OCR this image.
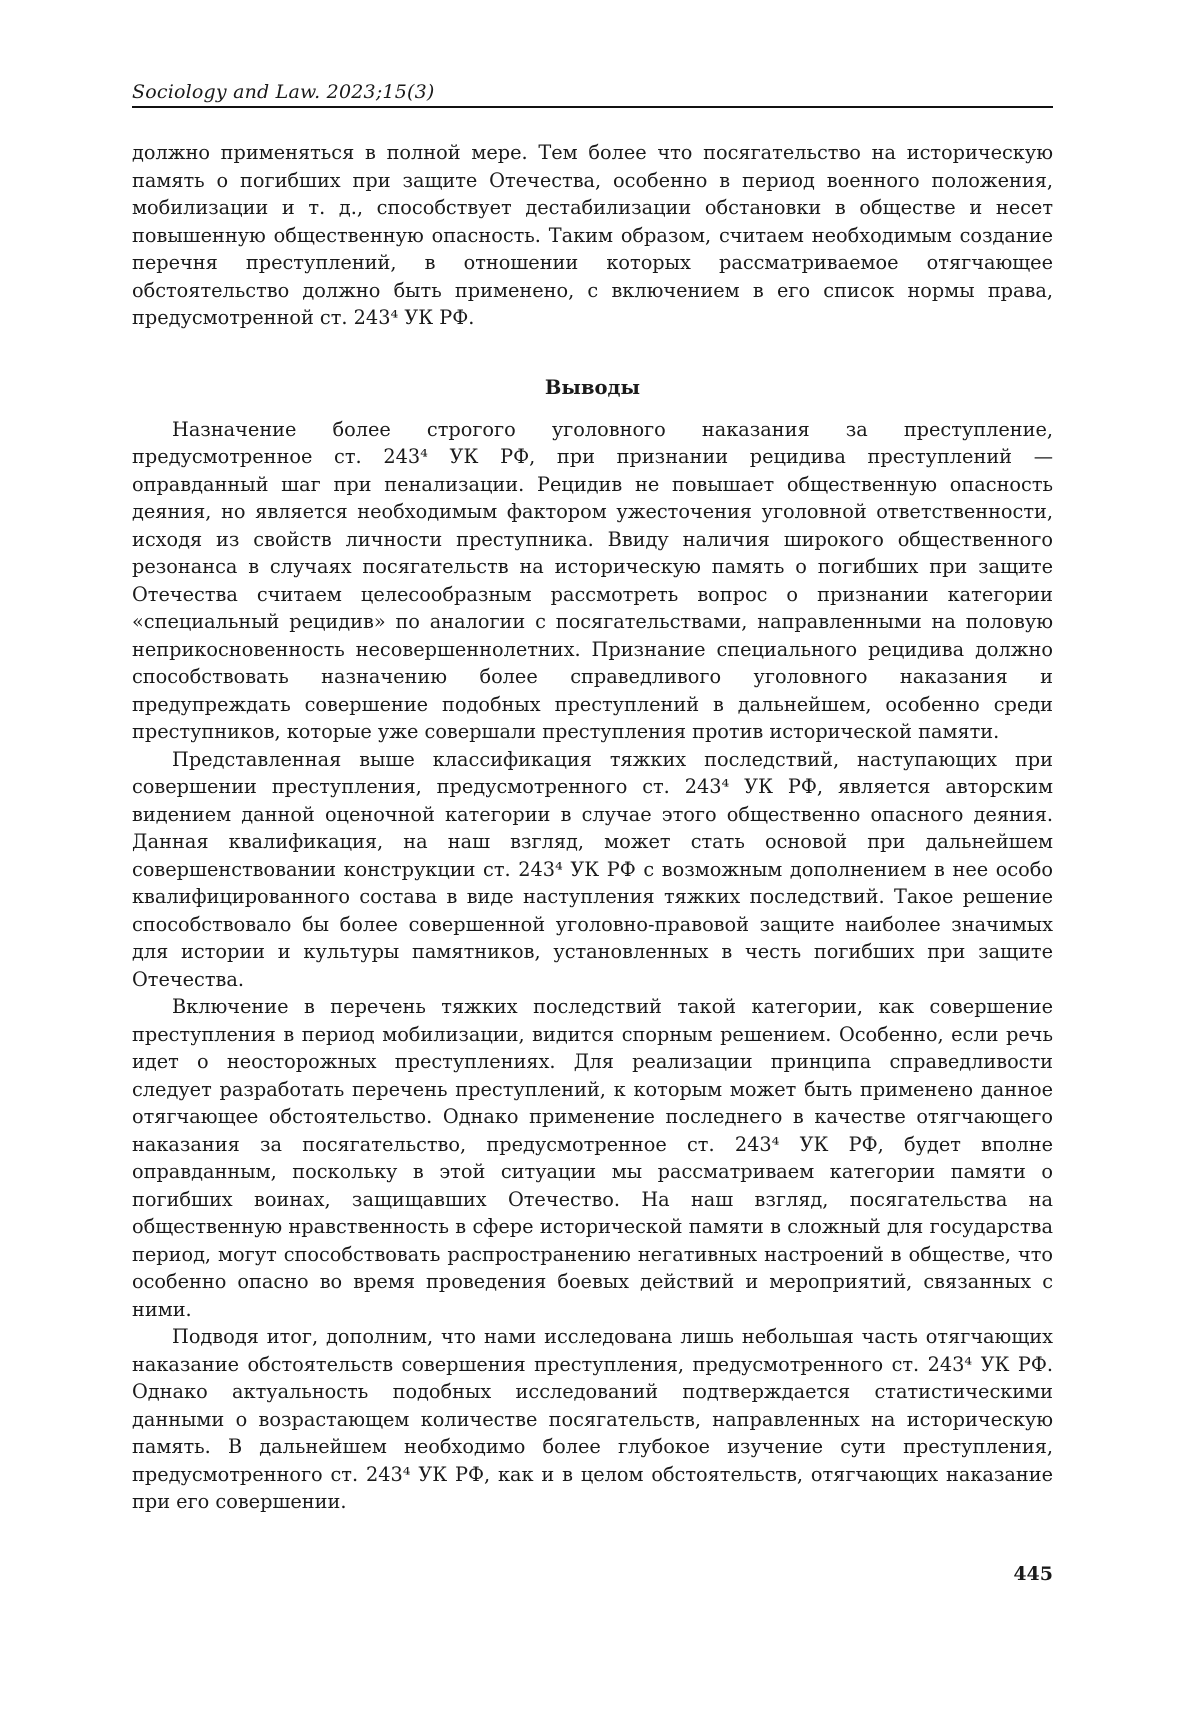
Sociology and Law. 2023;15(3)

должно применяться в полной мере. Тем более что посягательство на историческую память о погибших при защите Отечества, особенно в период военного положения, мобилизации и т. д., способствует дестабилизации обстановки в обществе и несет повышенную общественную опасность. Таким образом, считаем необходимым создание перечня преступлений, в отношении которых рассматриваемое отягчающее обстоятельство должно быть применено, с включением в его список нормы права, предусмотренной ст. 243⁴ УК РФ.

Выводы

Назначение более строгого уголовного наказания за преступление, предусмотренное ст. 243⁴ УК РФ, при признании рецидива преступлений — оправданный шаг при пенализации. Рецидив не повышает общественную опасность деяния, но является необходимым фактором ужесточения уголовной ответственности, исходя из свойств личности преступника. Ввиду наличия широкого общественного резонанса в случаях посягательств на историческую память о погибших при защите Отечества считаем целесообразным рассмотреть вопрос о признании категории «специальный рецидив» по аналогии с посягательствами, направленными на половую неприкосновенность несовершеннолетних. Признание специального рецидива должно способствовать назначению более справедливого уголовного наказания и предупреждать совершение подобных преступлений в дальнейшем, особенно среди преступников, которые уже совершали преступления против исторической памяти.

Представленная выше классификация тяжких последствий, наступающих при совершении преступления, предусмотренного ст. 243⁴ УК РФ, является авторским видением данной оценочной категории в случае этого общественно опасного деяния. Данная квалификация, на наш взгляд, может стать основой при дальнейшем совершенствовании конструкции ст. 243⁴ УК РФ с возможным дополнением в нее особо квалифицированного состава в виде наступления тяжких последствий. Такое решение способствовало бы более совершенной уголовно-правовой защите наиболее значимых для истории и культуры памятников, установленных в честь погибших при защите Отечества.

Включение в перечень тяжких последствий такой категории, как совершение преступления в период мобилизации, видится спорным решением. Особенно, если речь идет о неосторожных преступлениях. Для реализации принципа справедливости следует разработать перечень преступлений, к которым может быть применено данное отягчающее обстоятельство. Однако применение последнего в качестве отягчающего наказания за посягательство, предусмотренное ст. 243⁴ УК РФ, будет вполне оправданным, поскольку в этой ситуации мы рассматриваем категории памяти о погибших воинах, защищавших Отечество. На наш взгляд, посягательства на общественную нравственность в сфере исторической памяти в сложный для государства период, могут способствовать распространению негативных настроений в обществе, что особенно опасно во время проведения боевых действий и мероприятий, связанных с ними.

Подводя итог, дополним, что нами исследована лишь небольшая часть отягчающих наказание обстоятельств совершения преступления, предусмотренного ст. 243⁴ УК РФ. Однако актуальность подобных исследований подтверждается статистическими данными о возрастающем количестве посягательств, направленных на историческую память. В дальнейшем необходимо более глубокое изучение сути преступления, предусмотренного ст. 243⁴ УК РФ, как и в целом обстоятельств, отягчающих наказание при его совершении.

445
